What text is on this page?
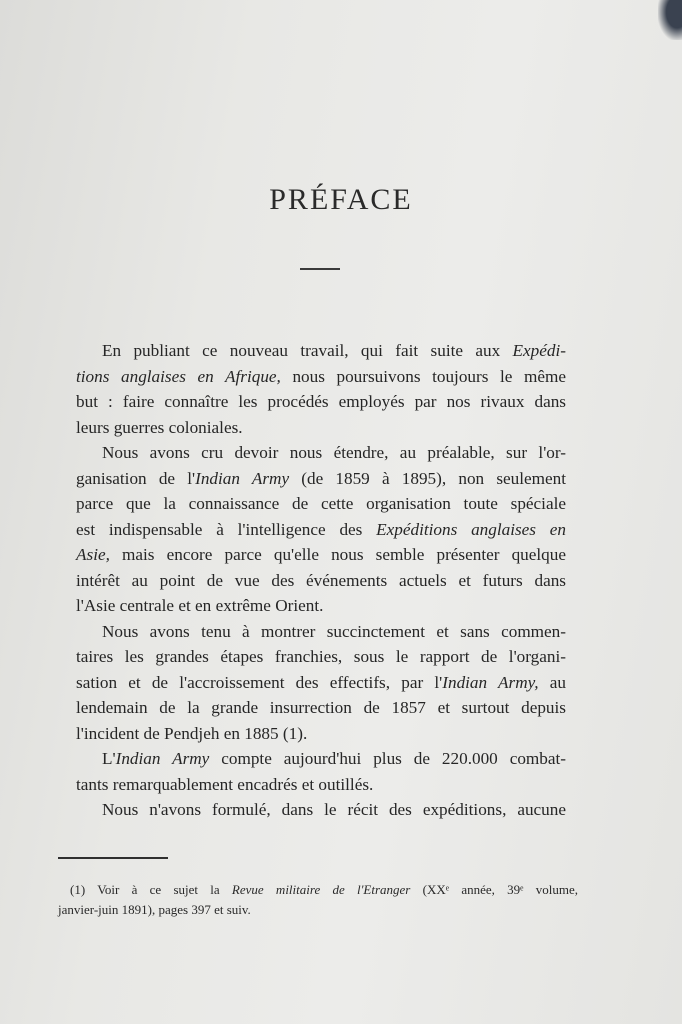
PRÉFACE
En publiant ce nouveau travail, qui fait suite aux Expédi-
tions anglaises en Afrique, nous poursuivons toujours le même
but : faire connaître les procédés employés par nos rivaux dans
leurs guerres coloniales.
Nous avons cru devoir nous étendre, au préalable, sur l'or-
ganisation de l'Indian Army (de 1859 à 1895), non seulement
parce que la connaissance de cette organisation toute spéciale
est indispensable à l'intelligence des Expéditions anglaises en
Asie, mais encore parce qu'elle nous semble présenter quelque
intérêt au point de vue des événements actuels et futurs dans
l'Asie centrale et en extrême Orient.
Nous avons tenu à montrer succinctement et sans commen-
taires les grandes étapes franchies, sous le rapport de l'organi-
sation et de l'accroissement des effectifs, par l'Indian Army, au
lendemain de la grande insurrection de 1857 et surtout depuis
l'incident de Pendjeh en 1885 (1).
L'Indian Army compte aujourd'hui plus de 220.000 combat-
tants remarquablement encadrés et outillés.
Nous n'avons formulé, dans le récit des expéditions, aucune
(1) Voir à ce sujet la Revue militaire de l'Etranger (XXᵉ année, 39ᵉ volume,
janvier-juin 1891), pages 397 et suiv.
